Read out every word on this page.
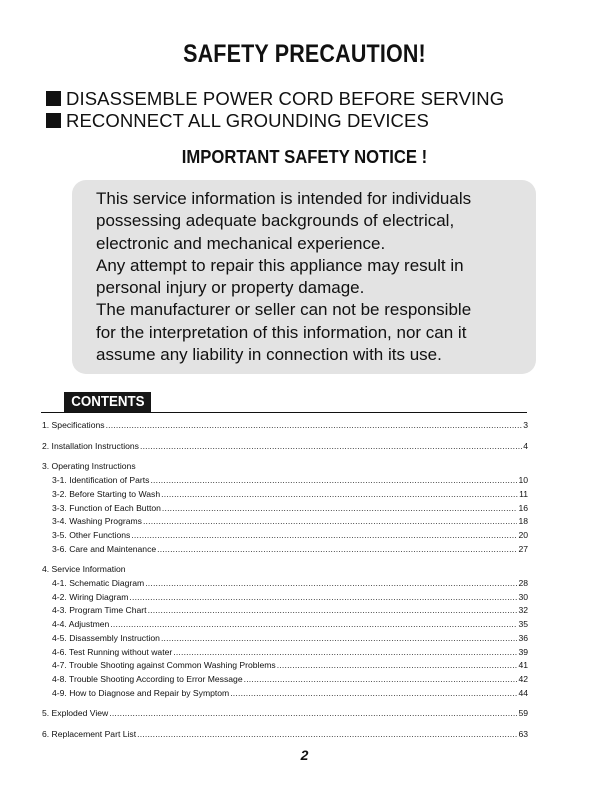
SAFETY PRECAUTION!
DISASSEMBLE POWER CORD BEFORE SERVING
RECONNECT ALL GROUNDING DEVICES
IMPORTANT SAFETY NOTICE !
This service information is intended for individuals
possessing adequate backgrounds of electrical,
electronic and mechanical experience.
Any attempt to repair this appliance may result in
personal injury or property damage.
The manufacturer or seller can not be responsible
for the interpretation of this information, nor can it
assume any liability in connection with its use.
CONTENTS
1. Specifications .....	3
2. Installation Instructions .....	4
3. Operating Instructions
3-1. Identification of Parts .....	10
3-2. Before Starting to Wash .....	11
3-3. Function of Each Button .....	16
3-4. Washing Programs .....	18
3-5. Other Functions .....	20
3-6. Care and Maintenance .....	27
4. Service Information
4-1. Schematic Diagram .....	28
4-2. Wiring Diagram .....	30
4-3. Program Time Chart .....	32
4-4. Adjustmen .....	35
4-5. Disassembly Instruction .....	36
4-6. Test Running without water .....	39
4-7. Trouble Shooting against Common Washing Problems .....	41
4-8. Trouble Shooting According to Error Message .....	42
4-9. How to Diagnose and Repair by Symptom .....	44
5. Exploded View .....	59
6. Replacement Part List .....	63
2
